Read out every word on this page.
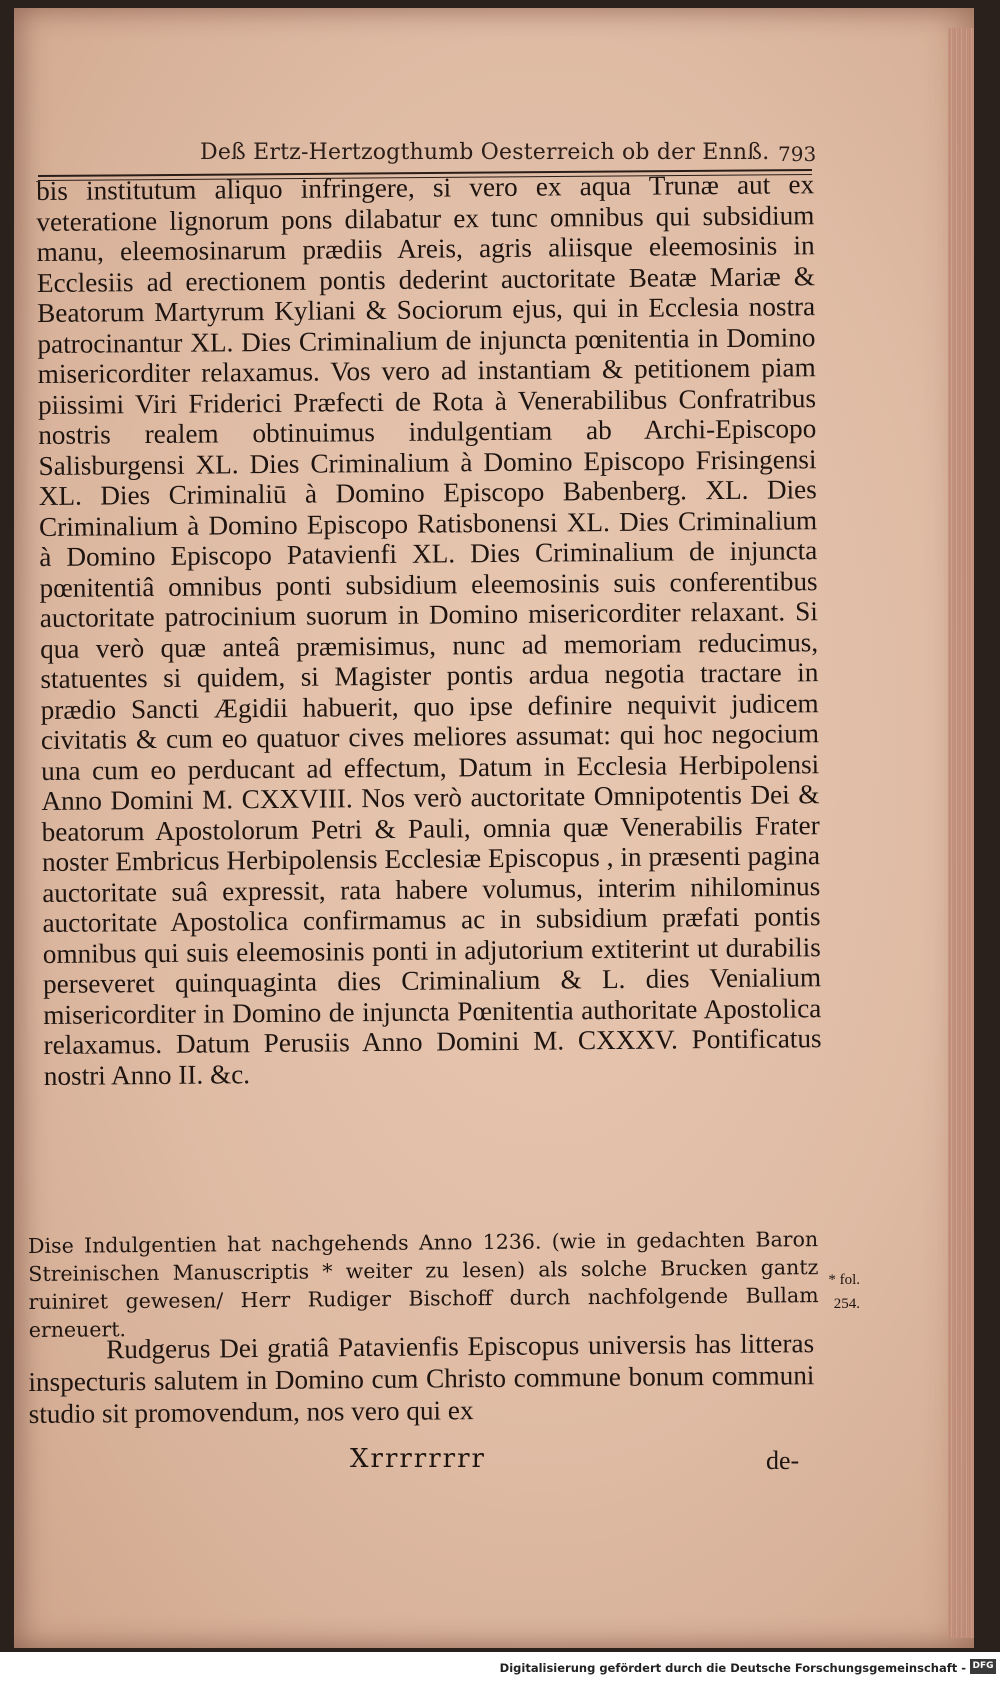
Deß Ertz-Hertzogthumb Oesterreich ob der Ennß. 793

bis institutum aliquo infringere, si vero ex aqua Trunæ aut ex veteratione lignorum pons dilabatur ex tunc omnibus qui subsidium manu, eleemosinarum prædiis Areis, agris aliisque eleemosinis in Ecclesiis ad erectionem pontis dederint auctoritate Beatæ Mariæ & Beatorum Martyrum Kyliani & Sociorum ejus, qui in Ecclesia nostra patrocinantur XL. Dies Criminalium de injuncta pœnitentia in Domino misericorditer relaxamus. Vos vero ad instantiam & petitionem piam piissimi Viri Friderici Præfecti de Rota à Venerabilibus Confratribus nostris realem obtinuimus indulgentiam ab Archi-Episcopo Salisburgensi XL. Dies Criminalium à Domino Episcopo Frisingensi XL. Dies Criminaliū à Domino Episcopo Babenberg. XL. Dies Criminalium à Domino Episcopo Ratisbonensi XL. Dies Criminalium à Domino Episcopo Patavienfi XL. Dies Criminalium de injuncta pœnitentiâ omnibus ponti subsidium eleemosinis suis conferentibus auctoritate patrocinium suorum in Domino misericorditer relaxant. Si qua verò quæ anteâ præmisimus, nunc ad memoriam reducimus, statuentes si quidem, si Magister pontis ardua negotia tractare in prædio Sancti Ægidii habuerit, quo ipse definire nequivit judicem civitatis & cum eo quatuor cives meliores assumat: qui hoc negocium una cum eo perducant ad effectum, Datum in Ecclesia Herbipolensi Anno Domini M. CXXVIII. Nos verò auctoritate Omnipotentis Dei & beatorum Apostolorum Petri & Pauli, omnia quæ Venerabilis Frater noster Embricus Herbipolensis Ecclesiæ Episcopus , in præsenti pagina auctoritate suâ expressit, rata habere volumus, interim nihilominus auctoritate Apostolica confirmamus ac in subsidium præfati pontis omnibus qui suis eleemosinis ponti in adjutorium extiterint ut durabilis perseveret quinquaginta dies Criminalium & L. dies Venialium misericorditer in Domino de injuncta Pœnitentia authoritate Apostolica relaxamus. Datum Perusiis Anno Domini M. CXXXV. Pontificatus nostri Anno II. &c.

Dise Indulgentien hat nachgehends Anno 1236. (wie in gedachten Baron Streinischen Manuscriptis * weiter zu lesen) als solche Brucken gantz ruiniret gewesen/ Herr Rudiger Bischoff durch nachfolgende Bullam erneuert.
* fol.
254.
Rudgerus Dei gratiâ Patavienfis Episcopus universis has litteras inspecturis salutem in Domino cum Christo commune bonum communi studio sit promovendum, nos vero qui ex
Xrrrrrrrr	de-
Digitalisierung gefördert durch die Deutsche Forschungsgemeinschaft - DFG
